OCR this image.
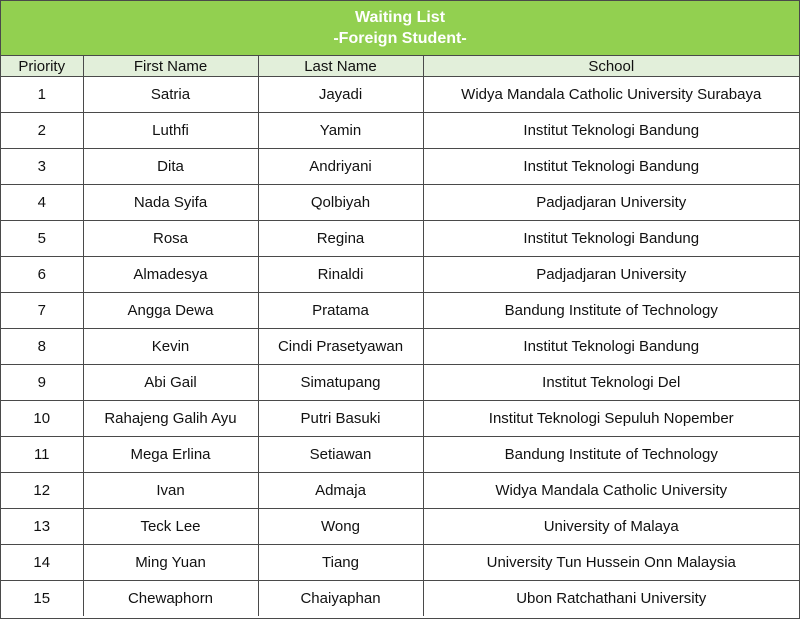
Waiting List
-Foreign Student-
Priority	First Name	Last Name	School
1	Satria	Jayadi	Widya Mandala Catholic University Surabaya
2	Luthfi	Yamin	Institut Teknologi Bandung
3	Dita	Andriyani	Institut Teknologi Bandung
4	Nada Syifa	Qolbiyah	Padjadjaran University
5	Rosa	Regina	Institut Teknologi Bandung
6	Almadesya	Rinaldi	Padjadjaran University
7	Angga Dewa	Pratama	Bandung Institute of Technology
8	Kevin	Cindi Prasetyawan	Institut Teknologi Bandung
9	Abi Gail	Simatupang	Institut Teknologi Del
10	Rahajeng Galih Ayu	Putri Basuki	Institut Teknologi Sepuluh Nopember
11	Mega Erlina	Setiawan	Bandung Institute of Technology
12	Ivan	Admaja	Widya Mandala Catholic University
13	Teck Lee	Wong	University of Malaya
14	Ming Yuan	Tiang	University Tun Hussein Onn Malaysia
15	Chewaphorn	Chaiyaphan	Ubon Ratchathani University
